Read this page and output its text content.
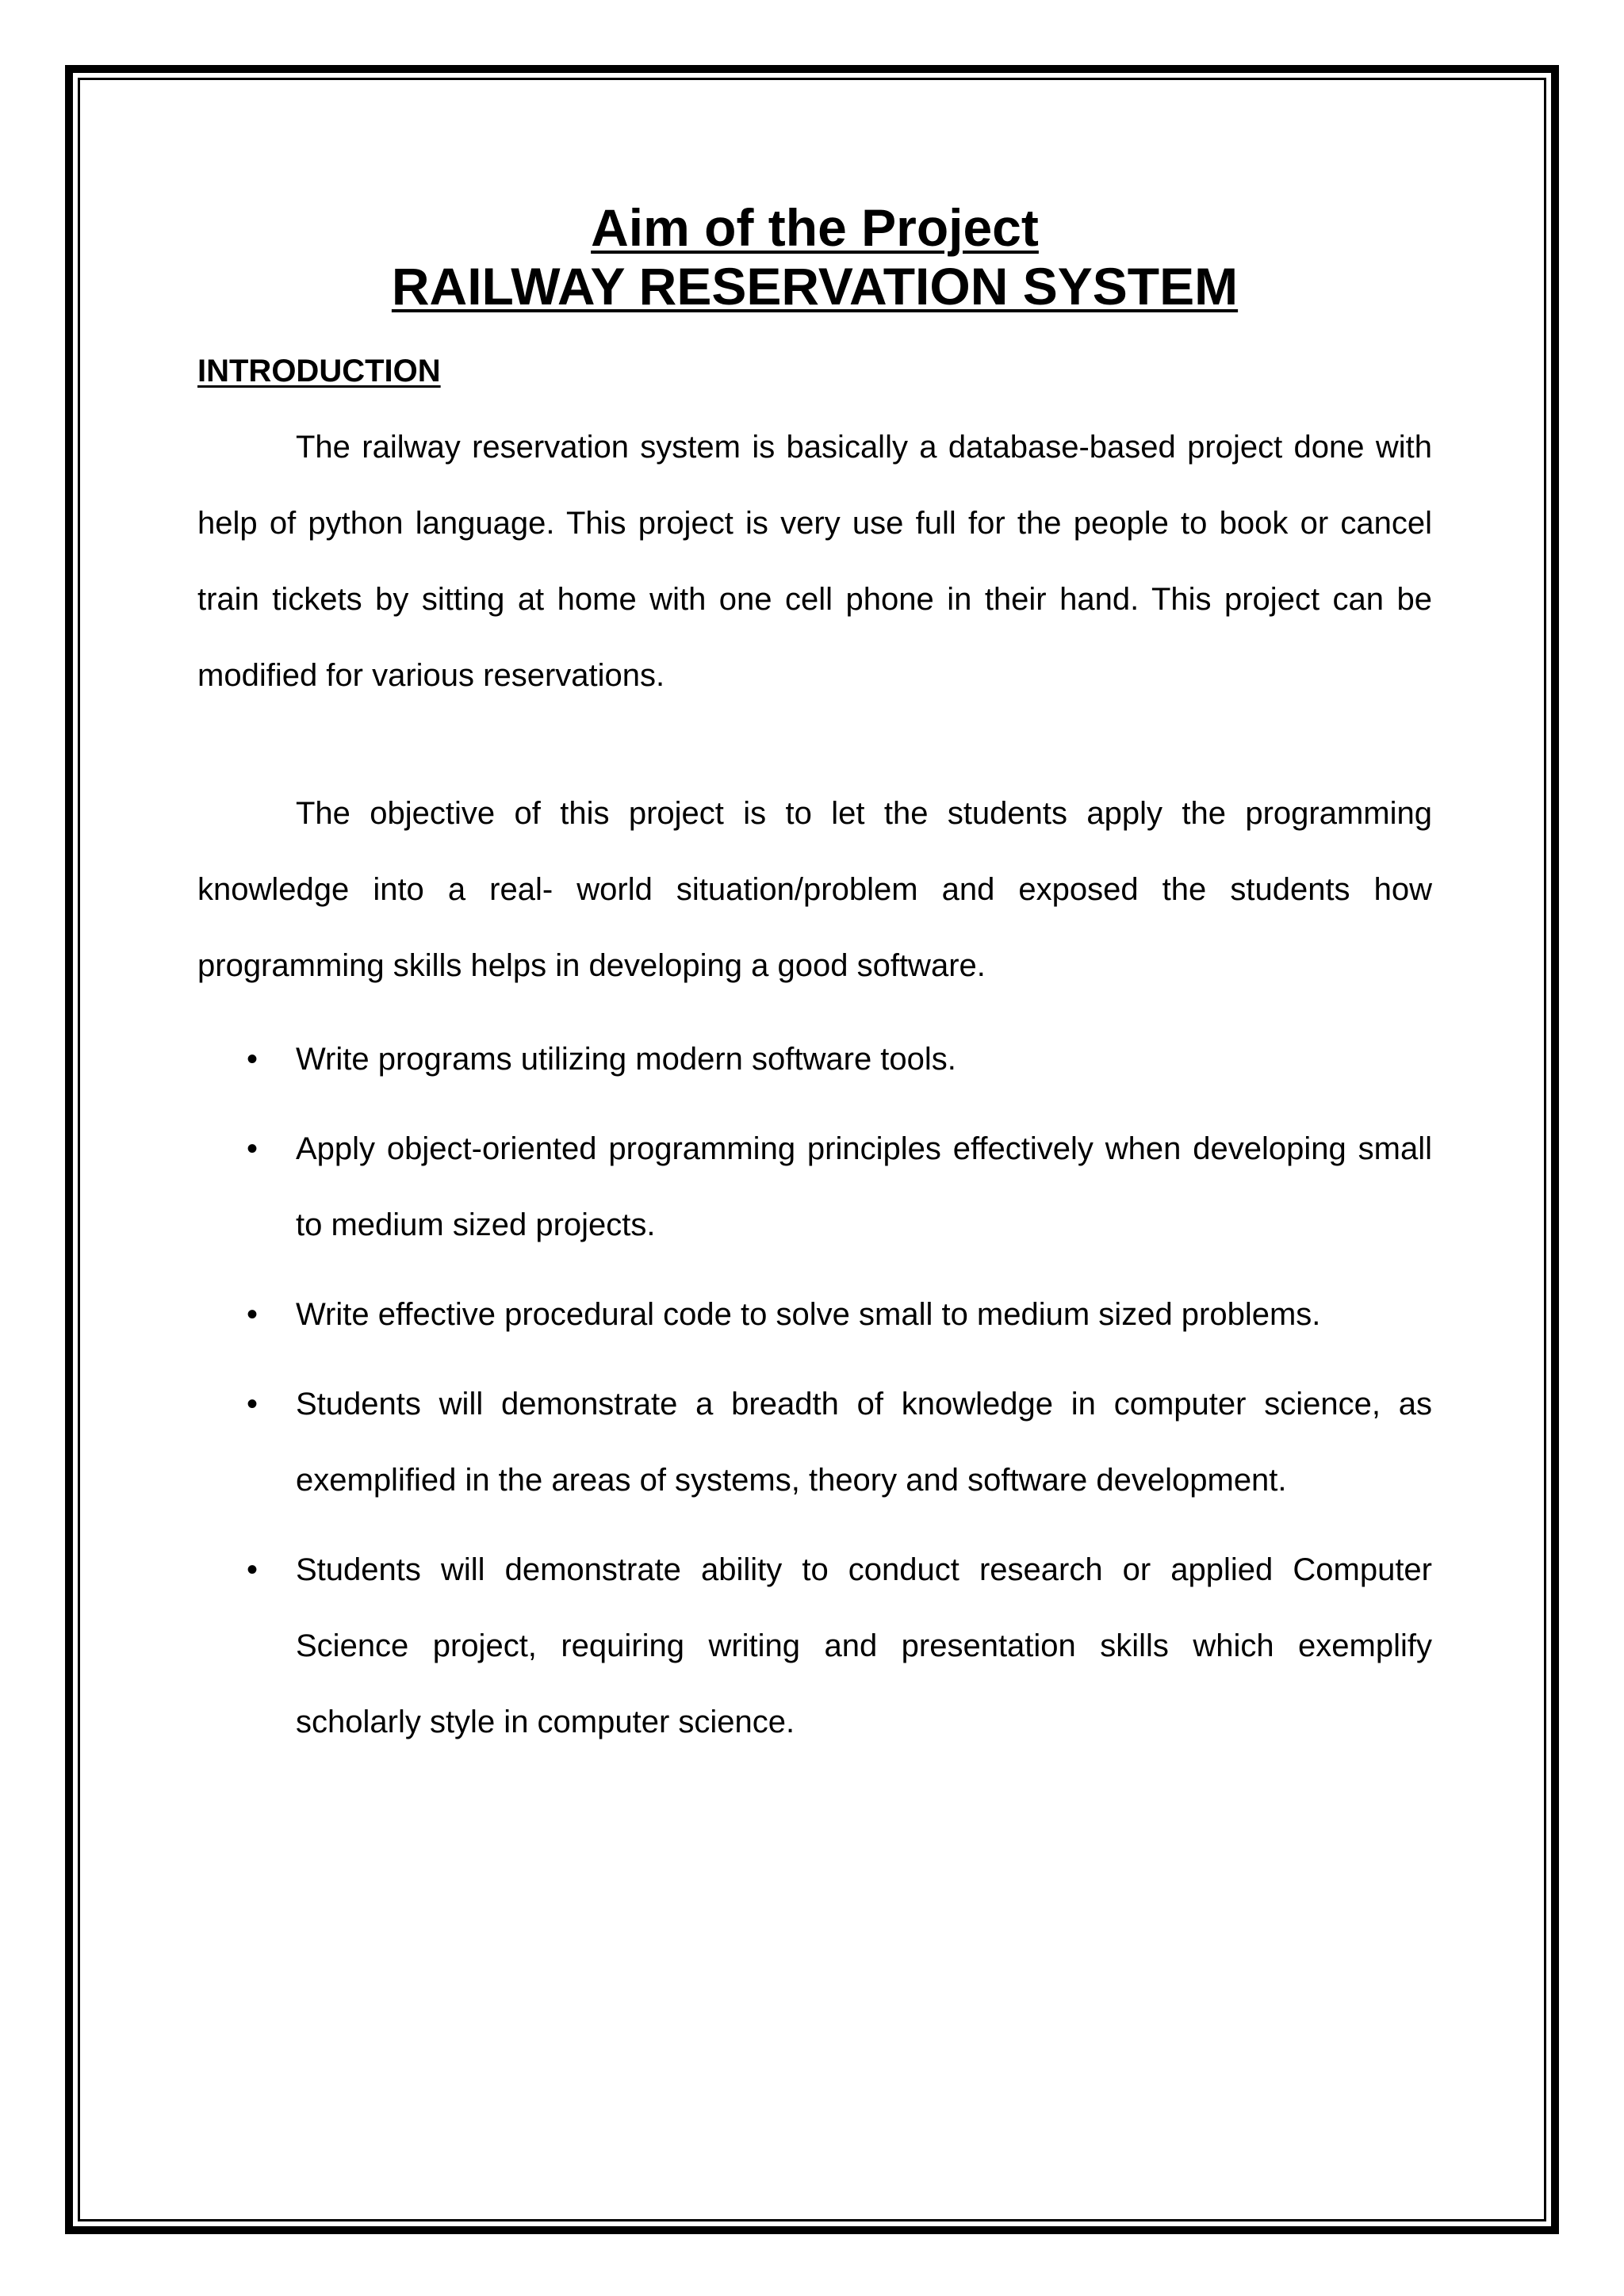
Aim of the Project
RAILWAY RESERVATION SYSTEM
INTRODUCTION

The railway reservation system is basically a database-based project done with help of python language. This project is very use full for the people to book or cancel train tickets by sitting at home with one cell phone in their hand. This project can be modified for various reservations.

The objective of this project is to let the students apply the programming knowledge into a real- world situation/problem and exposed the students how programming skills helps in developing a good software.

• Write programs utilizing modern software tools.
• Apply object-oriented programming principles effectively when developing small to medium sized projects.
• Write effective procedural code to solve small to medium sized problems.
• Students will demonstrate a breadth of knowledge in computer science, as exemplified in the areas of systems, theory and software development.
• Students will demonstrate ability to conduct research or applied Computer Science project, requiring writing and presentation skills which exemplify scholarly style in computer science.
